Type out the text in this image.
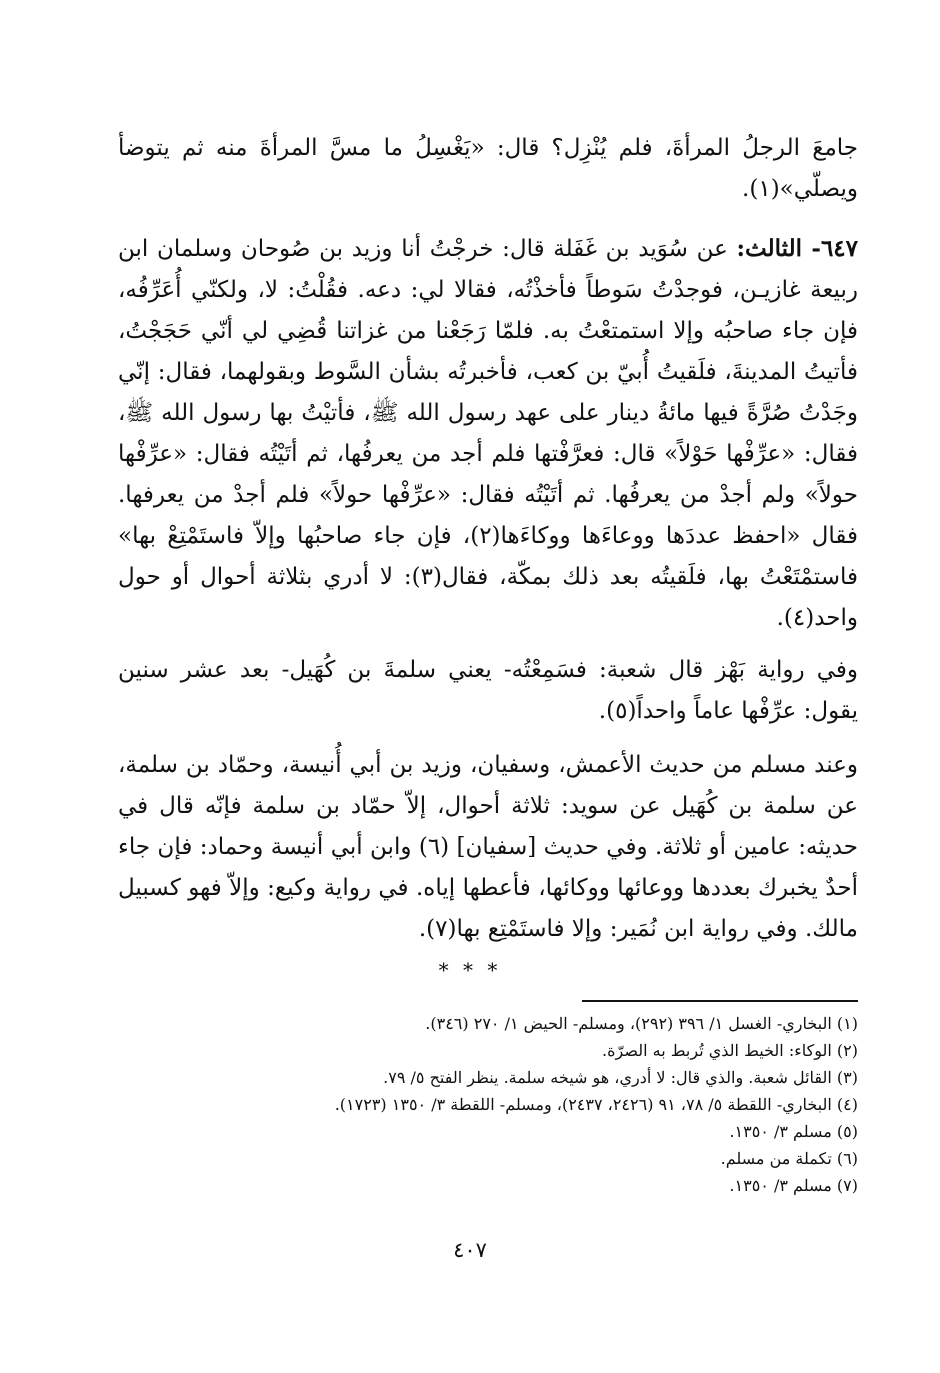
جامعَ الرجلُ المرأةَ، فلم يُنْزِل؟ قال: «يَغْسِلُ ما مسَّ المرأةَ منه ثم يتوضأ ويصلّي»(١).

٦٤٧- الثالث: عن سُوَيد بن غَفَلة قال: خرجْتُ أنا وزيد بن صُوحان وسلمان ابن ربيعة غازيـن، فوجدْتُ سَوطاً فأخذْتُه، فقالا لي: دعه. فقُلْتُ: لا، ولكنّي أُعَرِّفُه، فإن جاء صاحبُه وإلا استمتعْتُ به. فلمّا رَجَعْنا من غزاتنا قُضِي لي أنّي حَجَجْتُ، فأتيتُ المدينةَ، فلَقيتُ أُبيّ بن كعب، فأخبرتُه بشأن السَّوط وبقولهما، فقال: إنّي وجَدْتُ صُرَّةً فيها مائةُ دينار على عهد رسول الله ﷺ، فأتيْتُ بها رسول الله ﷺ، فقال: «عرِّفْها حَوْلاً» قال: فعرَّفْتها فلم أجد من يعرفُها، ثم أتَيْتُه فقال: «عرِّفْها حولاً» ولم أجدْ من يعرفُها. ثم أتَيْتُه فقال: «عرِّفْها حولاً» فلم أجدْ من يعرفها. فقال «احفظ عددَها ووعاءَها ووكاءَها(٢)، فإن جاء صاحبُها وإلاّ فاستَمْتِعْ بها» فاستمْتَعْتُ بها، فلَقيتُه بعد ذلك بمكّة، فقال(٣): لا أدري بثلاثة أحوال أو حول واحد(٤).

وفي رواية بَهْز قال شعبة: فسَمِعْتُه- يعني سلمةَ بن كُهَيل- بعد عشر سنين يقول: عرِّفْها عاماً واحداً(٥).

وعند مسلم من حديث الأعمش، وسفيان، وزيد بن أبي أُنيسة، وحمّاد بن سلمة، عن سلمة بن كُهَيل عن سويد: ثلاثة أحوال، إلاّ حمّاد بن سلمة فإنّه قال في حديثه: عامين أو ثلاثة. وفي حديث [سفيان] (٦) وابن أبي أنيسة وحماد: فإن جاء أحدٌ يخبرك بعددها ووعائها ووكائها، فأعطها إياه. في رواية وكيع: وإلاّ فهو كسبيل مالك. وفي رواية ابن نُمَير: وإلا فاستَمْتِع بها(٧).

* * *
(١) البخاري- الغسل ١/ ٣٩٦ (٢٩٢)، ومسلم- الحيض ١/ ٢٧٠ (٣٤٦).
(٢) الوكاء: الخيط الذي تُربط به الصرّة.
(٣) القائل شعبة. والذي قال: لا أدري، هو شيخه سلمة. ينظر الفتح ٥/ ٧٩.
(٤) البخاري- اللقطة ٥/ ٧٨، ٩١ (٢٤٢٦، ٢٤٣٧)، ومسلم- اللقطة ٣/ ١٣٥٠ (١٧٢٣).
(٥) مسلم ٣/ ١٣٥٠.
(٦) تكملة من مسلم.
(٧) مسلم ٣/ ١٣٥٠.
٤٠٧
